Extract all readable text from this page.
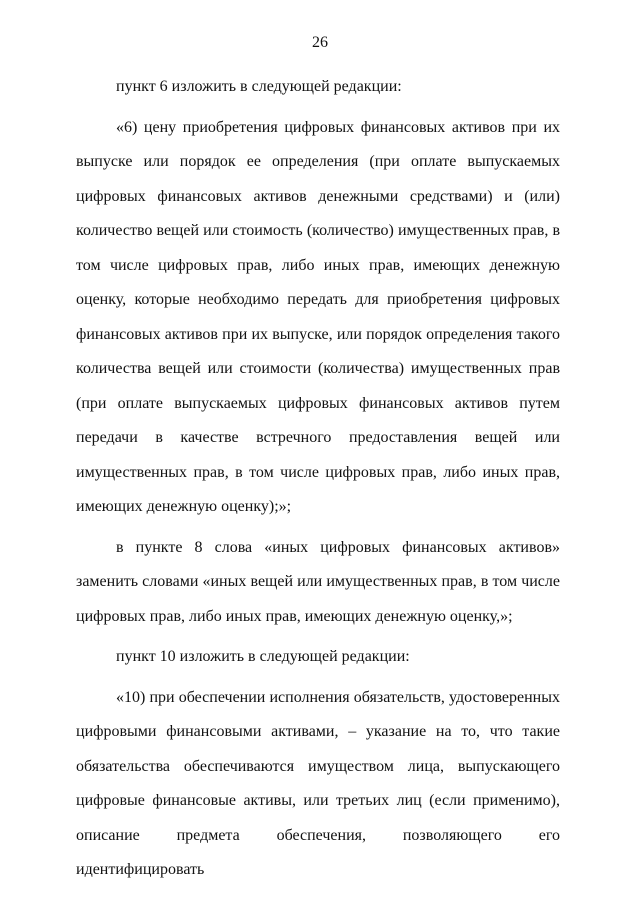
26

пункт 6 изложить в следующей редакции:

«6) цену приобретения цифровых финансовых активов при их выпуске или порядок ее определения (при оплате выпускаемых цифровых финансовых активов денежными средствами) и (или) количество вещей или стоимость (количество) имущественных прав, в том числе цифровых прав, либо иных прав, имеющих денежную оценку, которые необходимо передать для приобретения цифровых финансовых активов при их выпуске, или порядок определения такого количества вещей или стоимости (количества) имущественных прав (при оплате выпускаемых цифровых финансовых активов путем передачи в качестве встречного предоставления вещей или имущественных прав, в том числе цифровых прав, либо иных прав, имеющих денежную оценку);»;

в пункте 8 слова «иных цифровых финансовых активов» заменить словами «иных вещей или имущественных прав, в том числе цифровых прав, либо иных прав, имеющих денежную оценку,»;

пункт 10 изложить в следующей редакции:

«10) при обеспечении исполнения обязательств, удостоверенных цифровыми финансовыми активами, – указание на то, что такие обязательства обеспечиваются имуществом лица, выпускающего цифровые финансовые активы, или третьих лиц (если применимо), описание предмета обеспечения, позволяющего его идентифицировать
